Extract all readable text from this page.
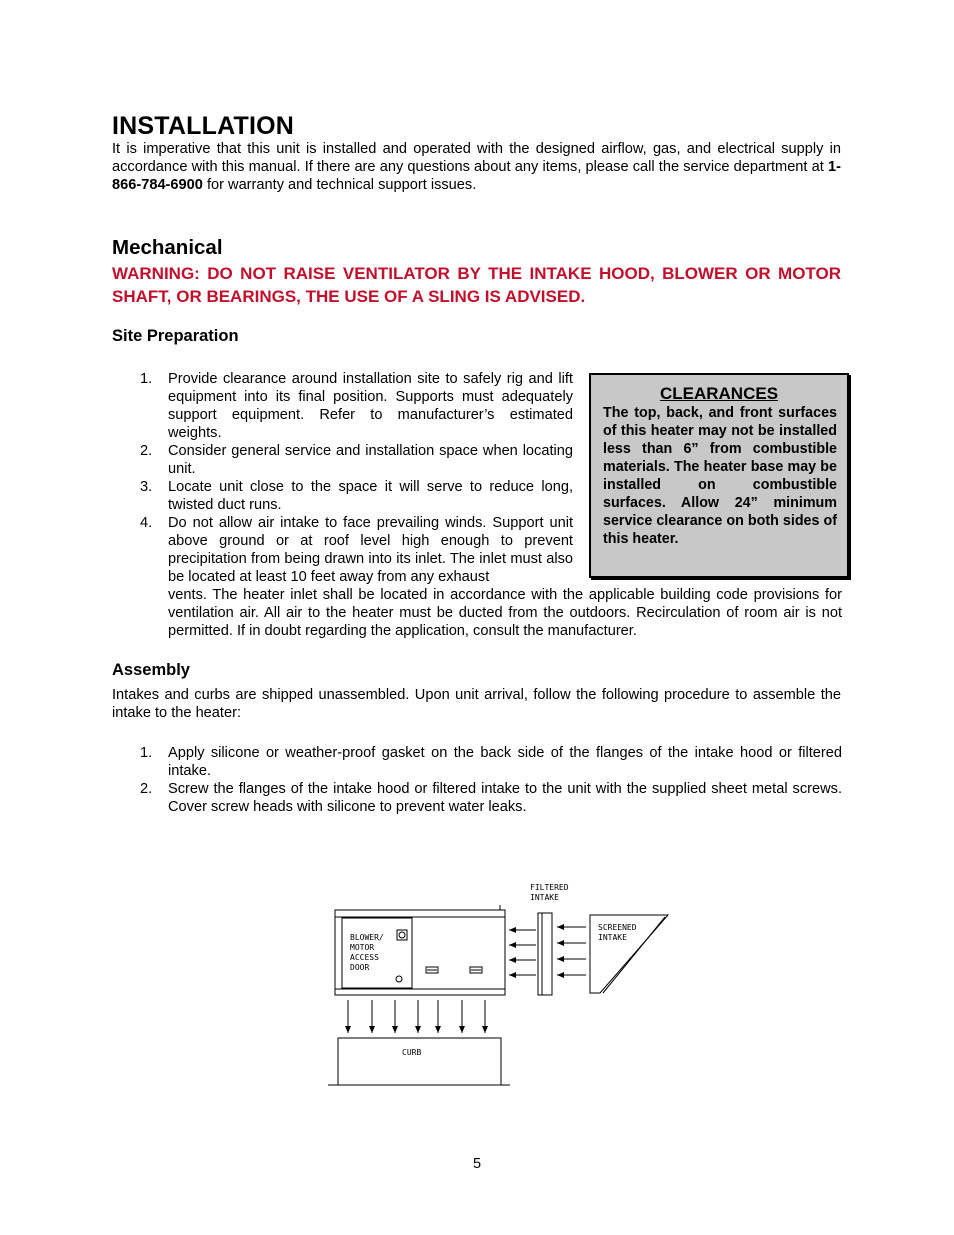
INSTALLATION
It is imperative that this unit is installed and operated with the designed airflow, gas, and electrical supply in accordance with this manual. If there are any questions about any items, please call the service department at 1-866-784-6900 for warranty and technical support issues.
Mechanical
WARNING: DO NOT RAISE VENTILATOR BY THE INTAKE HOOD, BLOWER OR MOTOR SHAFT, OR BEARINGS, THE USE OF A SLING IS ADVISED.
Site Preparation
1. Provide clearance around installation site to safely rig and lift equipment into its final position. Supports must adequately support equipment. Refer to manufacturer’s estimated weights.
2. Consider general service and installation space when locating unit.
3. Locate unit close to the space it will serve to reduce long, twisted duct runs.
4. Do not allow air intake to face prevailing winds. Support unit above ground or at roof level high enough to prevent precipitation from being drawn into its inlet. The inlet must also be located at least 10 feet away from any exhaust
vents. The heater inlet shall be located in accordance with the applicable building code provisions for ventilation air. All air to the heater must be ducted from the outdoors. Recirculation of room air is not permitted. If in doubt regarding the application, consult the manufacturer.
CLEARANCES
The top, back, and front surfaces of this heater may not be installed less than 6” from combustible materials. The heater base may be installed on combustible surfaces. Allow 24” minimum service clearance on both sides of this heater.
Assembly
Intakes and curbs are shipped unassembled. Upon unit arrival, follow the following procedure to assemble the intake to the heater:
1. Apply silicone or weather-proof gasket on the back side of the flanges of the intake hood or filtered intake.
2. Screw the flanges of the intake hood or filtered intake to the unit with the supplied sheet metal screws. Cover screw heads with silicone to prevent water leaks.
FILTERED
INTAKE
SCREENED
INTAKE
BLOWER/
MOTOR
ACCESS
DOOR
CURB
5
